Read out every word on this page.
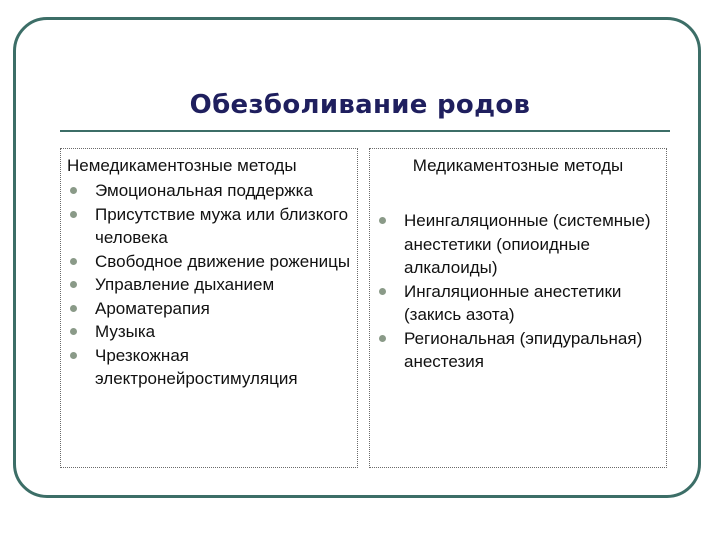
Обезболивание родов
Немедикаментозные методы
Эмоциональная поддержка
Присутствие мужа или близкого человека
Свободное движение роженицы
Управление дыханием
Ароматерапия
Музыка
Чрезкожная электронейростимуляция
Медикаментозные методы
Неингаляционные (системные) анестетики (опиоидные алкалоиды)
Ингаляционные анестетики (закись азота)
Региональная (эпидуральная) анестезия
